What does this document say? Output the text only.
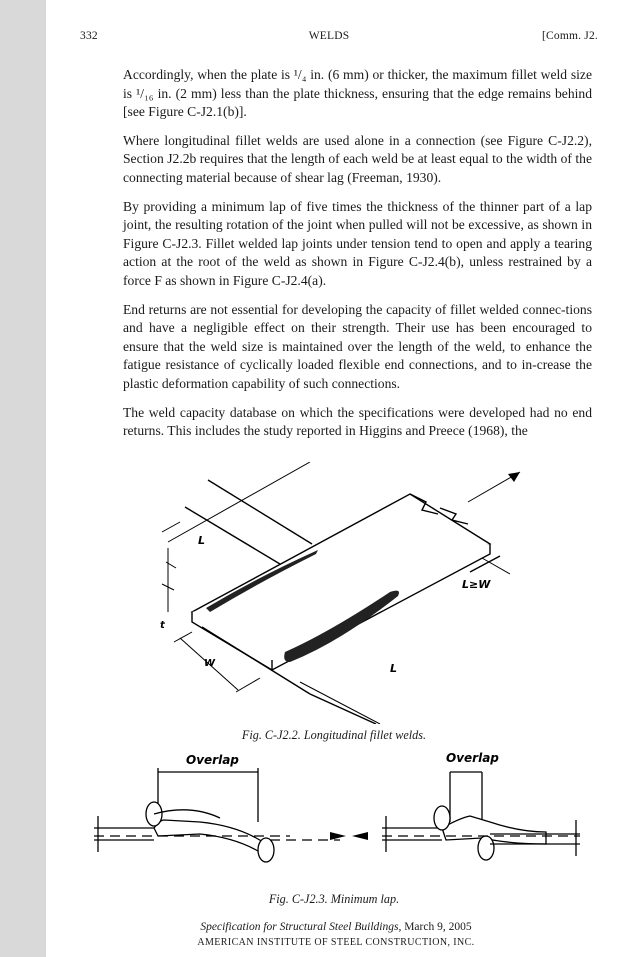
332	WELDS	[Comm. J2.

Accordingly, when the plate is ¹/₄ in. (6 mm) or thicker, the maximum fillet weld size is ¹/₁₆ in. (2 mm) less than the plate thickness, ensuring that the edge remains behind [see Figure C-J2.1(b)].

Where longitudinal fillet welds are used alone in a connection (see Figure C-J2.2), Section J2.2b requires that the length of each weld be at least equal to the width of the connecting material because of shear lag (Freeman, 1930).

By providing a minimum lap of five times the thickness of the thinner part of a lap joint, the resulting rotation of the joint when pulled will not be excessive, as shown in Figure C-J2.3. Fillet welded lap joints under tension tend to open and apply a tearing action at the root of the weld as shown in Figure C-J2.4(b), unless restrained by a force F as shown in Figure C-J2.4(a).

End returns are not essential for developing the capacity of fillet welded connec-tions and have a negligible effect on their strength. Their use has been encouraged to ensure that the weld size is maintained over the length of the weld, to enhance the fatigue resistance of cyclically loaded flexible end connections, and to in-crease the plastic deformation capability of such connections.

The weld capacity database on which the specifications were developed had no end returns. This includes the study reported in Higgins and Preece (1968), the

L
t
W	L
L≥W
Fig. C-J2.2. Longitudinal fillet welds.
Overlap	Overlap
Fig. C-J2.3. Minimum lap.
Specification for Structural Steel Buildings, March 9, 2005
AMERICAN INSTITUTE OF STEEL CONSTRUCTION, INC.
